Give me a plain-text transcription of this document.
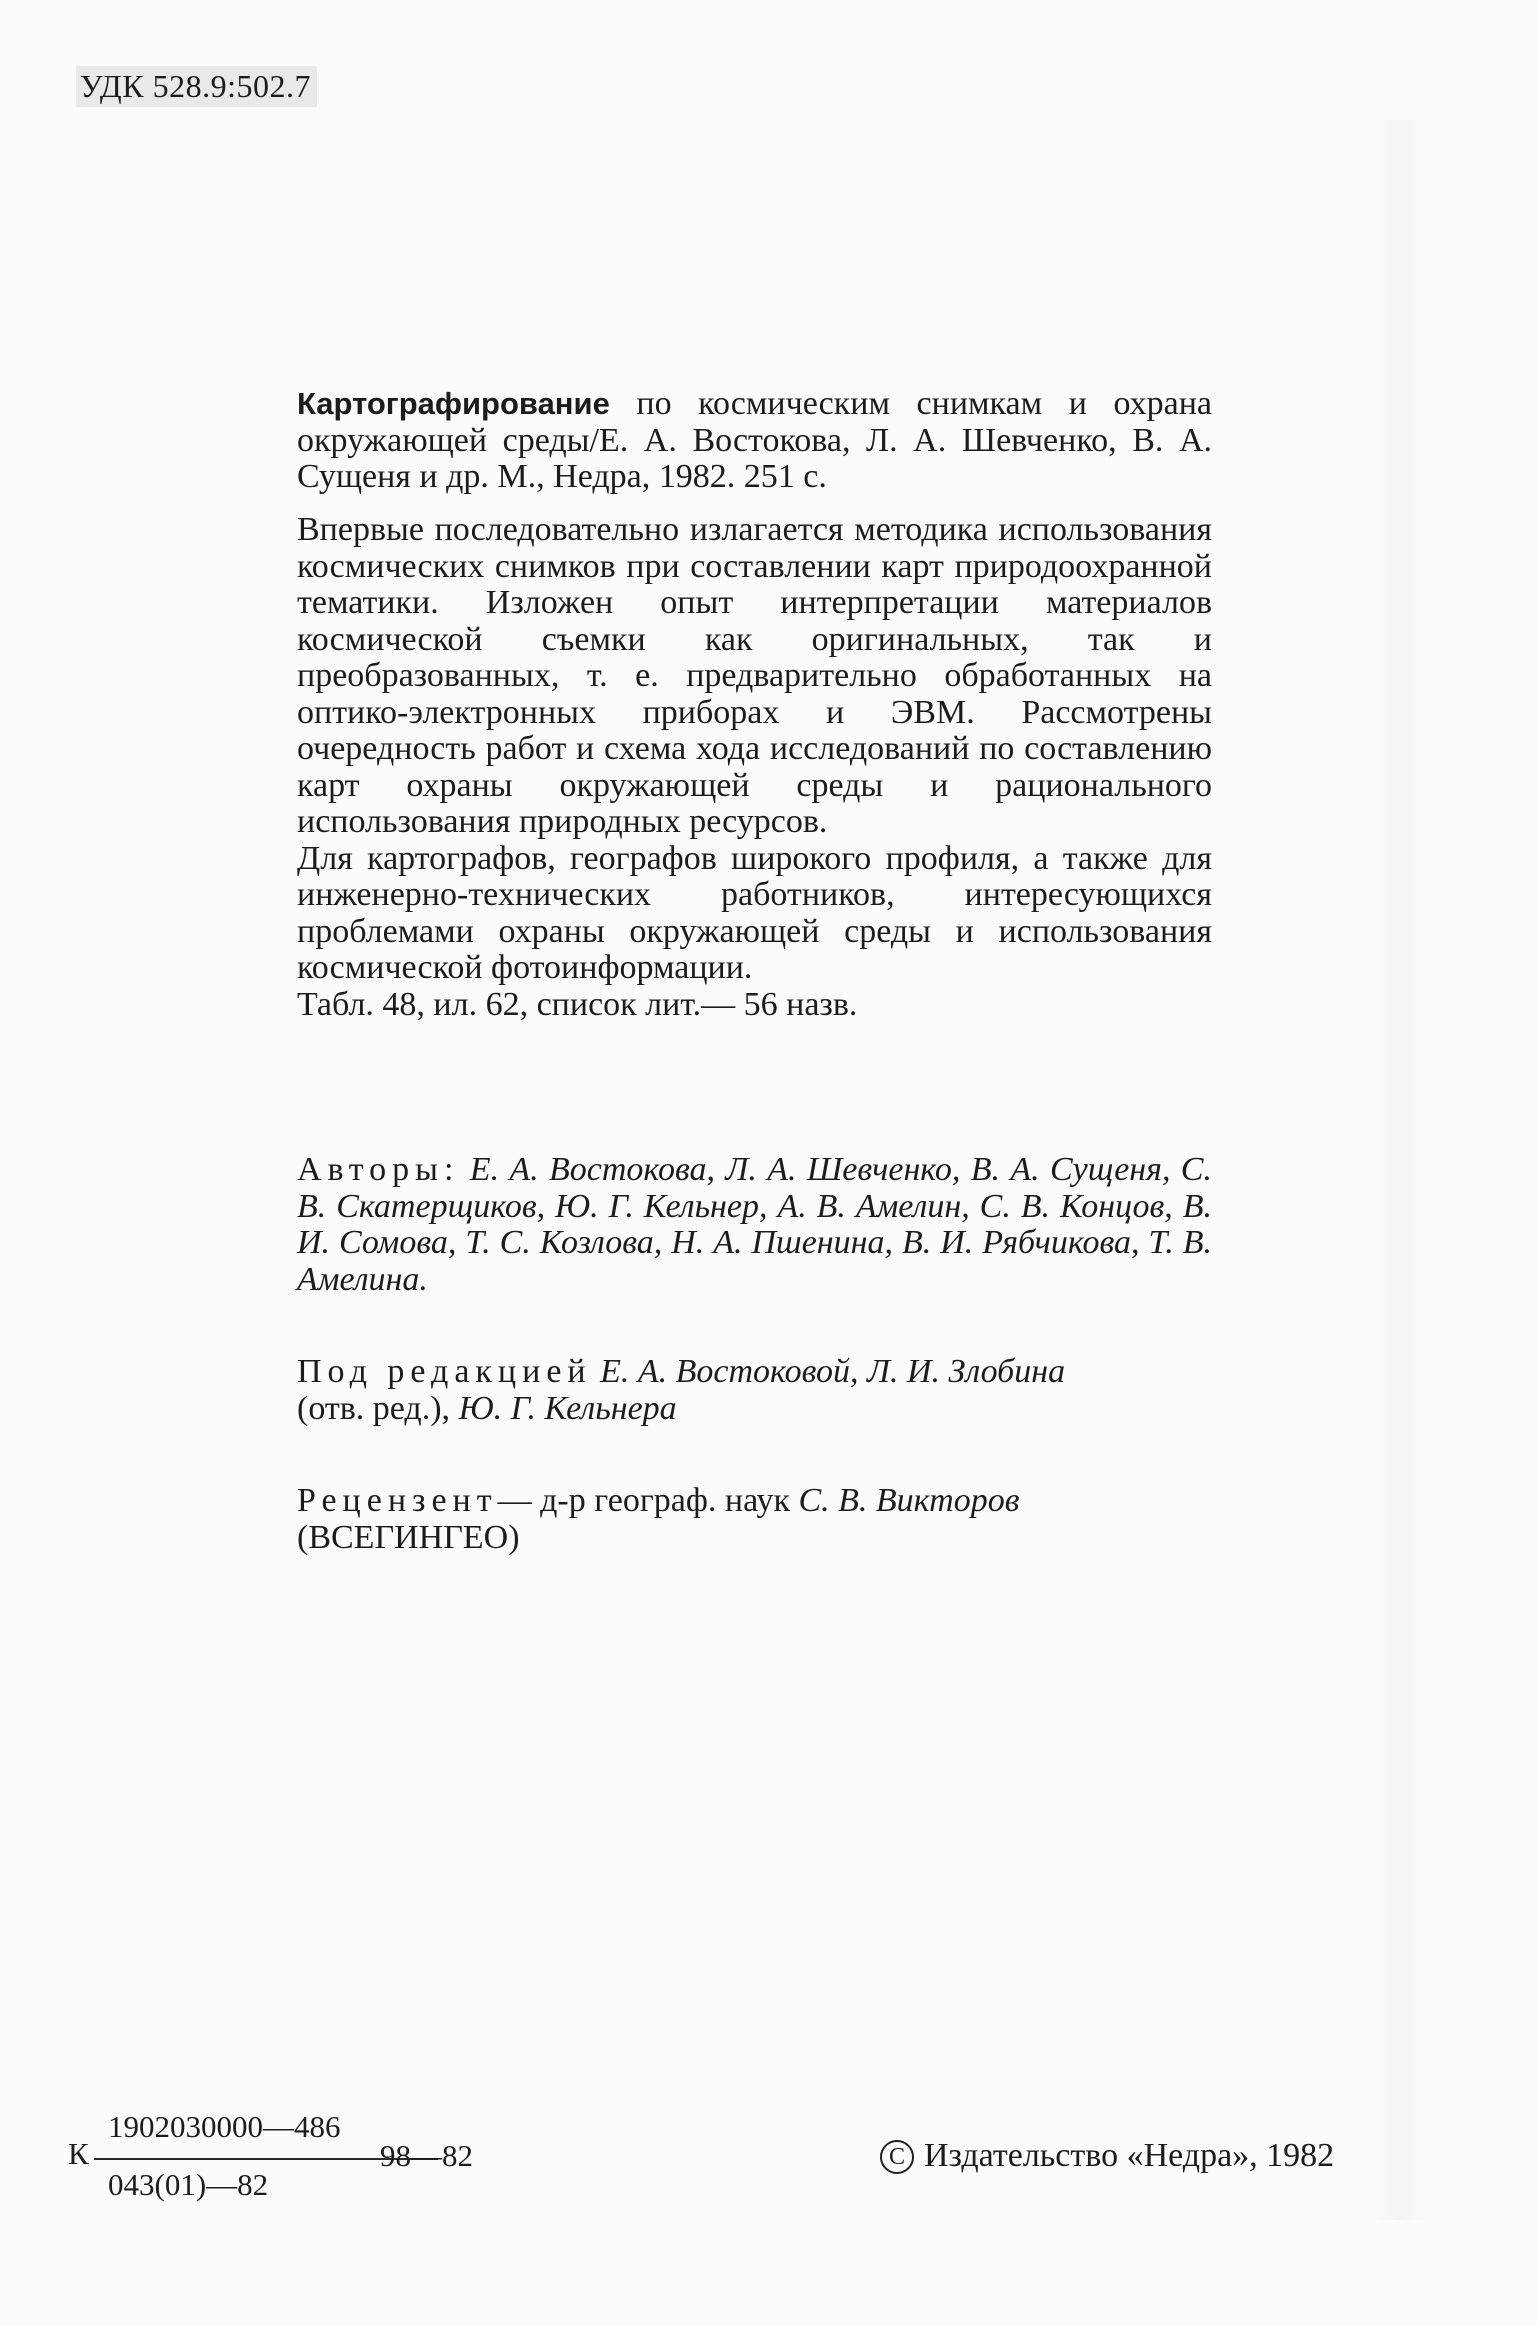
УДК 528.9:502.7
Картографирование по космическим снимкам и охрана окружающей среды/Е. А. Востокова, Л. А. Шевченко, В. А. Сущеня и др. М., Недра, 1982. 251 с.

Впервые последовательно излагается методика использования космических снимков при составлении карт природоохранной тематики. Изложен опыт интерпретации материалов космической съемки как оригинальных, так и преобразованных, т. е. предварительно обработанных на оптико-электронных приборах и ЭВМ. Рассмотрены очередность работ и схема хода исследований по составлению карт охраны окружающей среды и рационального использования природных ресурсов.

Для картографов, географов широкого профиля, а также для инженерно-технических работников, интересующихся проблемами охраны окружающей среды и использования космической фотоинформации.

Табл. 48, ил. 62, список лит.— 56 назв.

Авторы: Е. А. Востокова, Л. А. Шевченко, В. А. Сущеня, С. В. Скатерщиков, Ю. Г. Кельнер, А. В. Амелин, С. В. Концов, В. И. Сомова, Т. С. Козлова, Н. А. Пшенина, В. И. Рябчикова, Т. В. Амелина.
Под редакцией Е. А. Востоковой, Л. И. Злобина
(отв. ред.), Ю. Г. Кельнера
Рецензент— д-р географ. наук С. В. Викторов
(ВСЕГИНГЕО)
К
1902030000—486
043(01)—82
98—82	C Издательство «Недра», 1982
